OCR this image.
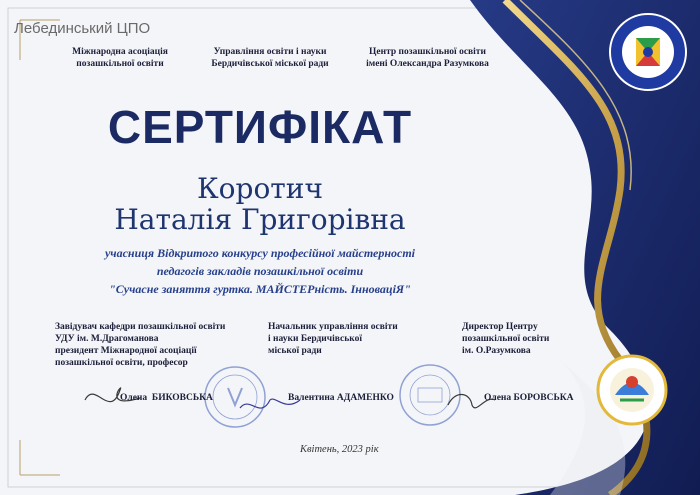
Лебединський ЦПО
Міжнародна асоціація
позашкільної освіти
Управління освіти і науки
Бердичівської міської ради
Центр позашкільної освіти
імені Олександра Разумкова
СЕРТИФІКАТ
Коротич
Наталія Григорівна
учасниця Відкритого конкурсу професійної майстерності
педагогів закладів позашкільної освіти
"Сучасне заняття гуртка. МАЙСТЕРність. ІнноваціЯ"
Завідувач кафедри позашкільної освіти
УДУ ім. М.Драгоманова
президент Міжнародної асоціації
позашкільної освіти, професор
Начальник управління освіти
і науки Бердичівської
міської ради
Директор Центру
позашкільної освіти
ім. О.Разумкова
Олена  БИКОВСЬКА	Валентина АДАМЕНКО	Олена БОРОВСЬКА
Квітень, 2023 рік
